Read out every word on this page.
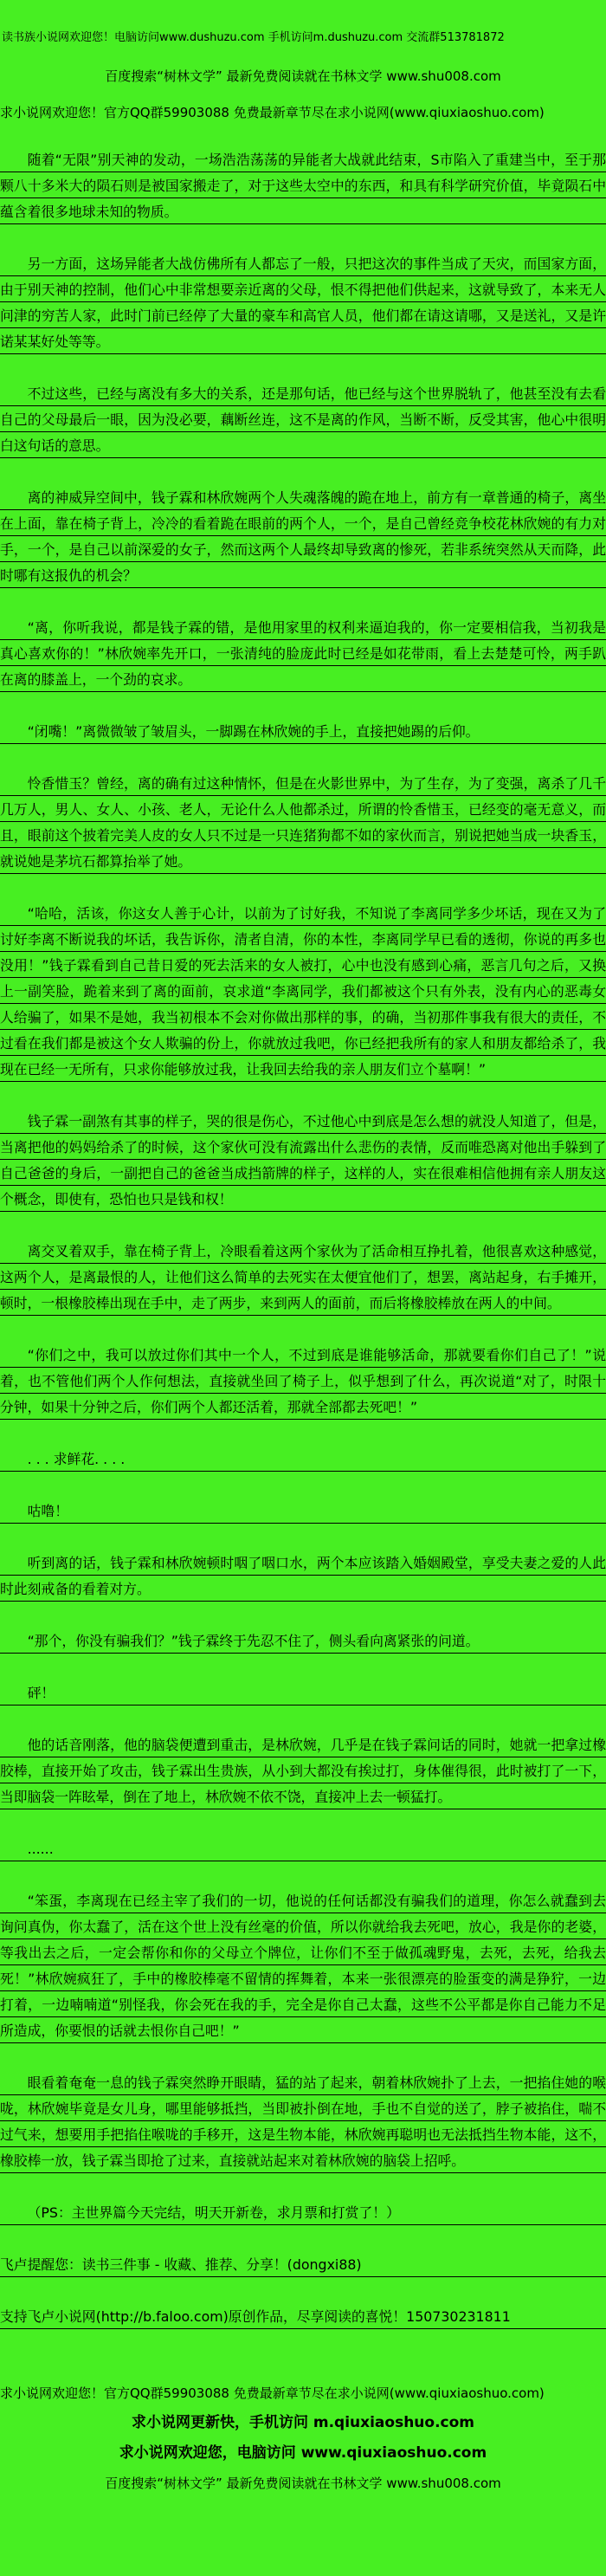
读书族小说网欢迎您！电脑访问www.dushuzu.com 手机访问m.dushuzu.com 交流群513781872
百度搜索“树林文学” 最新免费阅读就在书林文学 www.shu008.com
求小说网欢迎您！官方QQ群59903088 免费最新章节尽在求小说网(www.qiuxiaoshuo.com)

随着“无限”别天神的发动，一场浩浩荡荡的异能者大战就此结束，S市陷入了重建当中，至于那颗八十多米大的陨石则是被国家搬走了，对于这些太空中的东西，和具有科学研究价值，毕竟陨石中蕴含着很多地球未知的物质。

另一方面，这场异能者大战仿佛所有人都忘了一般，只把这次的事件当成了天灾，而国家方面，由于别天神的控制，他们心中非常想要亲近离的父母，恨不得把他们供起来，这就导致了，本来无人问津的穷苦人家，此时门前已经停了大量的豪车和高官人员，他们都在请这请哪，又是送礼，又是许诺某某好处等等。

不过这些，已经与离没有多大的关系，还是那句话，他已经与这个世界脱轨了，他甚至没有去看自己的父母最后一眼，因为没必要，藕断丝连，这不是离的作风，当断不断，反受其害，他心中很明白这句话的意思。

离的神威异空间中，钱子霖和林欣婉两个人失魂落魄的跪在地上，前方有一章普通的椅子，离坐在上面，靠在椅子背上，冷冷的看着跪在眼前的两个人，一个，是自己曾经竞争校花林欣婉的有力对手，一个，是自己以前深爱的女子，然而这两个人最终却导致离的惨死，若非系统突然从天而降，此时哪有这报仇的机会？

“离，你听我说，都是钱子霖的错，是他用家里的权利来逼迫我的，你一定要相信我，当初我是真心喜欢你的！”林欣婉率先开口，一张清纯的脸庞此时已经是如花带雨，看上去楚楚可怜，两手趴在离的膝盖上，一个劲的哀求。

“闭嘴！”离微微皱了皱眉头，一脚踢在林欣婉的手上，直接把她踢的后仰。

怜香惜玉？曾经，离的确有过这种情怀，但是在火影世界中，为了生存，为了变强，离杀了几千几万人，男人、女人、小孩、老人，无论什么人他都杀过，所谓的怜香惜玉，已经变的毫无意义，而且，眼前这个披着完美人皮的女人只不过是一只连猪狗都不如的家伙而言，别说把她当成一块香玉，就说她是茅坑石都算抬举了她。

“哈哈，活该，你这女人善于心计，以前为了讨好我，不知说了李离同学多少坏话，现在又为了讨好李离不断说我的坏话，我告诉你，清者自清，你的本性，李离同学早已看的透彻，你说的再多也没用！”钱子霖看到自己昔日爱的死去活来的女人被打，心中也没有感到心痛，恶言几句之后，又换上一副笑脸，跪着来到了离的面前，哀求道“李离同学，我们都被这个只有外表，没有内心的恶毒女人给骗了，如果不是她，我当初根本不会对你做出那样的事，的确，当初那件事我有很大的责任，不过看在我们都是被这个女人欺骗的份上，你就放过我吧，你已经把我所有的家人和朋友都给杀了，我现在已经一无所有，只求你能够放过我，让我回去给我的亲人朋友们立个墓啊！”

钱子霖一副煞有其事的样子，哭的很是伤心，不过他心中到底是怎么想的就没人知道了，但是，当离把他的妈妈给杀了的时候，这个家伙可没有流露出什么悲伤的表情，反而唯恐离对他出手躲到了自己爸爸的身后，一副把自己的爸爸当成挡箭牌的样子，这样的人，实在很难相信他拥有亲人朋友这个概念，即使有，恐怕也只是钱和权！

离交叉着双手，靠在椅子背上，冷眼看着这两个家伙为了活命相互挣扎着，他很喜欢这种感觉，这两个人，是离最恨的人，让他们这么简单的去死实在太便宜他们了，想罢，离站起身，右手摊开，顿时，一根橡胶棒出现在手中，走了两步，来到两人的面前，而后将橡胶棒放在两人的中间。

“你们之中，我可以放过你们其中一个人，不过到底是谁能够活命，那就要看你们自己了！”说着，也不管他们两个人作何想法，直接就坐回了椅子上，似乎想到了什么，再次说道“对了，时限十分钟，如果十分钟之后，你们两个人都还活着，那就全部都去死吧！”

. . . 求鲜花. . . .

咕噜！

听到离的话，钱子霖和林欣婉顿时咽了咽口水，两个本应该踏入婚姻殿堂，享受夫妻之爱的人此时此刻戒备的看着对方。

“那个，你没有骗我们？”钱子霖终于先忍不住了，侧头看向离紧张的问道。

砰！

他的话音刚落，他的脑袋便遭到重击，是林欣婉，几乎是在钱子霖问话的同时，她就一把拿过橡胶棒，直接开始了攻击，钱子霖出生贵族，从小到大都没有挨过打，身体催得很，此时被打了一下，当即脑袋一阵眩晕，倒在了地上，林欣婉不依不饶，直接冲上去一顿猛打。

......

“笨蛋，李离现在已经主宰了我们的一切，他说的任何话都没有骗我们的道理，你怎么就蠢到去询问真伪，你太蠢了，活在这个世上没有丝毫的价值，所以你就给我去死吧，放心，我是你的老婆，等我出去之后，一定会帮你和你的父母立个牌位，让你们不至于做孤魂野鬼，去死，去死，给我去死！”林欣婉疯狂了，手中的橡胶棒毫不留情的挥舞着，本来一张很漂亮的脸蛋变的满是狰狞，一边打着，一边喃喃道“别怪我，你会死在我的手，完全是你自己太蠢，这些不公平都是你自己能力不足所造成，你要恨的话就去恨你自己吧！”

眼看着奄奄一息的钱子霖突然睁开眼睛，猛的站了起来，朝着林欣婉扑了上去，一把掐住她的喉咙，林欣婉毕竟是女儿身，哪里能够抵挡，当即被扑倒在地，手也不自觉的送了，脖子被掐住，喘不过气来，想要用手把掐住喉咙的手移开，这是生物本能，林欣婉再聪明也无法抵挡生物本能，这不，橡胶棒一放，钱子霖当即抢了过来，直接就站起来对着林欣婉的脑袋上招呼。

（PS：主世界篇今天完结，明天开新卷，求月票和打赏了！）

飞卢提醒您：读书三件事 - 收藏、推荐、分享！(dongxi88)

支持飞卢小说网(http://b.faloo.com)原创作品，尽享阅读的喜悦！150730231811

求小说网欢迎您！官方QQ群59903088 免费最新章节尽在求小说网(www.qiuxiaoshuo.com)
求小说网更新快，手机访问 m.qiuxiaoshuo.com
求小说网欢迎您，电脑访问 www.qiuxiaoshuo.com
百度搜索“树林文学” 最新免费阅读就在书林文学 www.shu008.com
